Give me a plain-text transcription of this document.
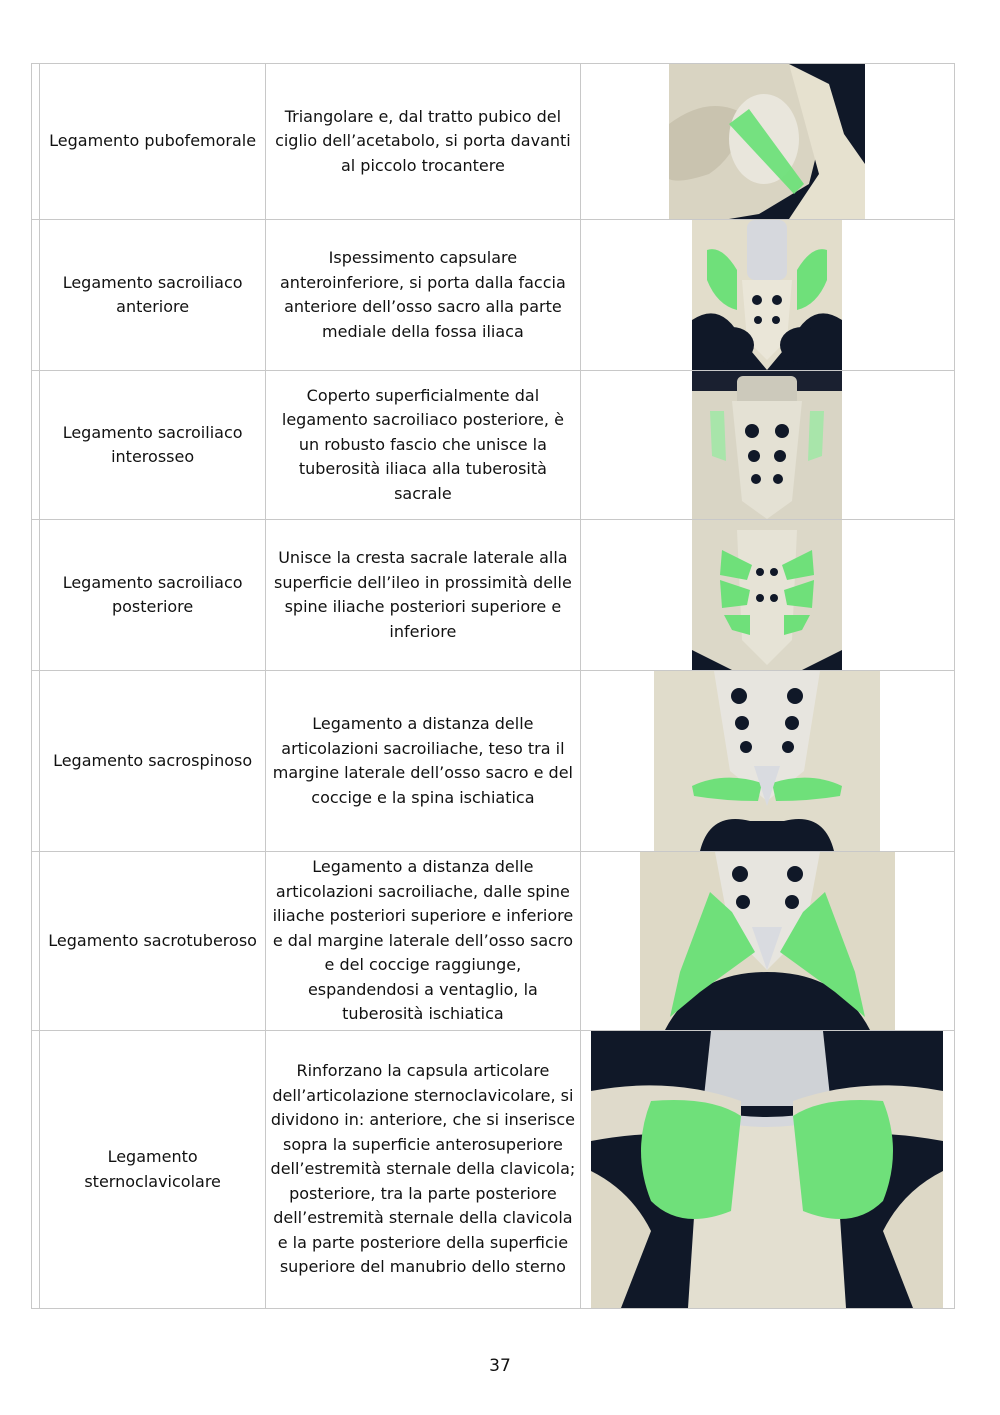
	Legamento pubofemorale	Triangolare e, dal tratto pubico del ciglio dell’acetabolo, si porta davanti al piccolo trocantere	

	Legamento sacroiliaco anteriore	Ispessimento capsulare anteroinferiore, si porta dalla faccia anteriore dell’osso sacro alla parte mediale della fossa iliaca	

	Legamento sacroiliaco interosseo	Coperto superficialmente dal legamento sacroiliaco posteriore, è un robusto fascio che unisce la tuberosità iliaca alla tuberosità sacrale	

	Legamento sacroiliaco posteriore	Unisce la cresta sacrale laterale alla superficie dell’ileo in prossimità delle spine iliache posteriori superiore e inferiore	

	Legamento sacrospinoso	Legamento a distanza delle articolazioni sacroiliache, teso tra il margine laterale dell’osso sacro e del coccige e la spina ischiatica	

	Legamento sacrotuberoso	Legamento a distanza delle articolazioni sacroiliache, dalle spine iliache posteriori superiore e inferiore e dal margine laterale dell’osso sacro e del coccige raggiunge, espandendosi a ventaglio, la tuberosità ischiatica	

	Legamento sternoclavicolare	Rinforzano la capsula articolare dell’articolazione sternoclavicolare, si dividono in: anteriore, che si inserisce sopra la superficie anterosuperiore dell’estremità sternale della clavicola; posteriore, tra la parte posteriore dell’estremità sternale della clavicola e la parte posteriore della superficie superiore del manubrio dello sterno	
37
